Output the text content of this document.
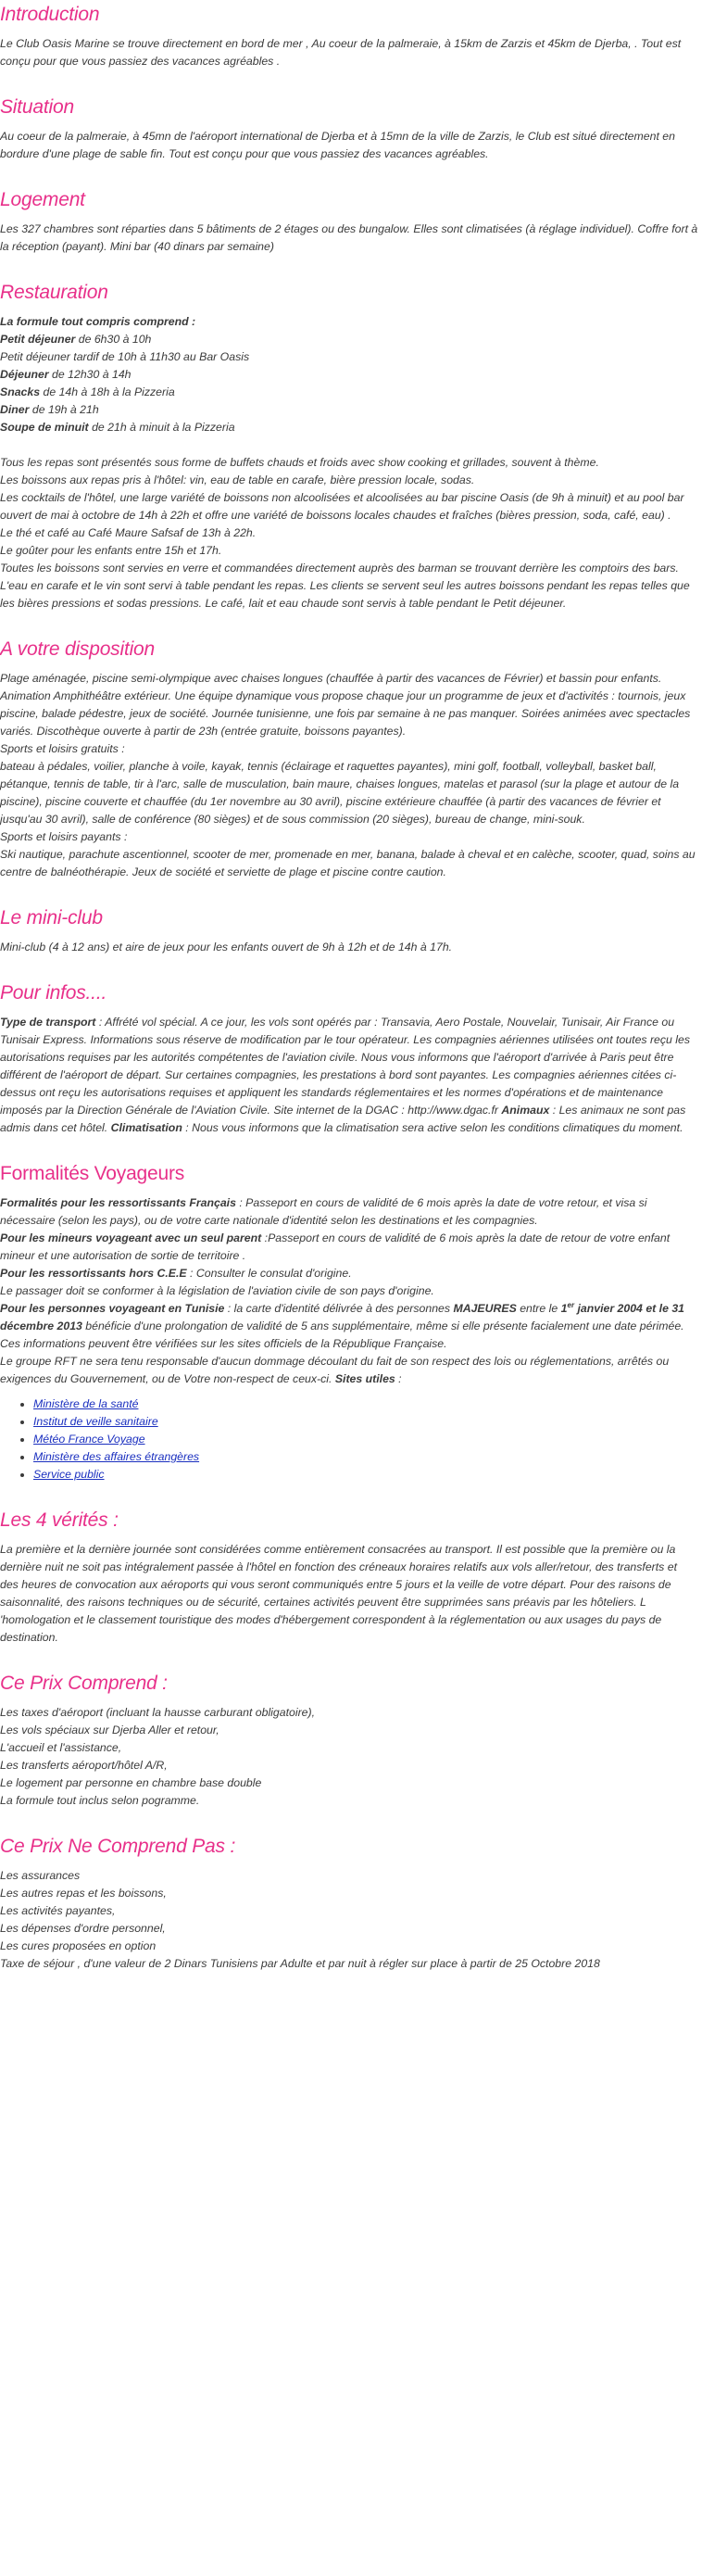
Introduction
Le Club Oasis Marine se trouve directement en bord de mer , Au coeur de la palmeraie, à 15km de Zarzis et 45km de Djerba, . Tout est conçu pour que vous passiez des vacances agréables .
Situation
Au coeur de la palmeraie, à 45mn de l'aéroport international de Djerba et à 15mn de la ville de Zarzis, le Club est situé directement en bordure d'une plage de sable fin. Tout est conçu pour que vous passiez des vacances agréables.
Logement
Les 327 chambres sont réparties dans 5 bâtiments de 2 étages ou des bungalow. Elles sont climatisées (à réglage individuel). Coffre fort à la réception (payant). Mini bar (40 dinars par semaine)
Restauration
La formule tout compris comprend :
Petit déjeuner de 6h30 à 10h
Petit déjeuner tardif de 10h à 11h30 au Bar Oasis
Déjeuner de 12h30 à 14h
Snacks de 14h à 18h à la Pizzeria
Diner de 19h à 21h
Soupe de minuit de 21h à minuit à la Pizzeria
Tous les repas sont présentés sous forme de buffets chauds et froids avec show cooking et grillades, souvent à thème.
Les boissons aux repas pris à l'hôtel: vin, eau de table en carafe, bière pression locale, sodas.
Les cocktails de l'hôtel, une large variété de boissons non alcoolisées et alcoolisées au bar piscine Oasis (de 9h à minuit) et au pool bar ouvert de mai à octobre de 14h à 22h et offre une variété de boissons locales chaudes et fraîches (bières pression, soda, café, eau) .
Le thé et café au Café Maure Safsaf de 13h à 22h.
Le goûter pour les enfants entre 15h et 17h.
Toutes les boissons sont servies en verre et commandées directement auprès des barman se trouvant derrière les comptoirs des bars.
L'eau en carafe et le vin sont servi à table pendant les repas. Les clients se servent seul les autres boissons pendant les repas telles que les bières pressions et sodas pressions. Le café, lait et eau chaude sont servis à table pendant le Petit déjeuner.
A votre disposition
Plage aménagée, piscine semi-olympique avec chaises longues (chauffée à partir des vacances de Février) et bassin pour enfants.
Animation Amphithéâtre extérieur. Une équipe dynamique vous propose chaque jour un programme de jeux et d'activités : tournois, jeux piscine, balade pédestre, jeux de société. Journée tunisienne, une fois par semaine à ne pas manquer. Soirées animées avec spectacles variés. Discothèque ouverte à partir de 23h (entrée gratuite, boissons payantes).
Sports et loisirs gratuits :
bateau à pédales, voilier, planche à voile, kayak, tennis (éclairage et raquettes payantes), mini golf, football, volleyball, basket ball, pétanque, tennis de table, tir à l'arc, salle de musculation, bain maure, chaises longues, matelas et parasol (sur la plage et autour de la piscine), piscine couverte et chauffée (du 1er novembre au 30 avril), piscine extérieure chauffée (à partir des vacances de février et jusqu'au 30 avril), salle de conférence (80 sièges) et de sous commission (20 sièges), bureau de change, mini-souk.
Sports et loisirs payants :
Ski nautique, parachute ascentionnel, scooter de mer, promenade en mer, banana, balade à cheval et en calèche, scooter, quad, soins au centre de balnéothérapie. Jeux de société et serviette de plage et piscine contre caution.
Le mini-club
Mini-club (4 à 12 ans) et aire de jeux pour les enfants ouvert de 9h à 12h et de 14h à 17h.
Pour infos....
Type de transport : Affrété vol spécial. A ce jour, les vols sont opérés par : Transavia, Aero Postale, Nouvelair, Tunisair, Air France ou Tunisair Express. Informations sous réserve de modification par le tour opérateur. Les compagnies aériennes utilisées ont toutes reçu les autorisations requises par les autorités compétentes de l'aviation civile. Nous vous informons que l'aéroport d'arrivée à Paris peut être différent de l'aéroport de départ. Sur certaines compagnies, les prestations à bord sont payantes. Les compagnies aériennes citées ci-dessus ont reçu les autorisations requises et appliquent les standards réglementaires et les normes d'opérations et de maintenance imposés par la Direction Générale de l'Aviation Civile. Site internet de la DGAC : http://www.dgac.fr Animaux : Les animaux ne sont pas admis dans cet hôtel. Climatisation : Nous vous informons que la climatisation sera active selon les conditions climatiques du moment.
Formalités Voyageurs
Formalités pour les ressortissants Français : Passeport en cours de validité de 6 mois après la date de votre retour, et visa si nécessaire (selon les pays), ou de votre carte nationale d'identité selon les destinations et les compagnies.
Pour les mineurs voyageant avec un seul parent :Passeport en cours de validité de 6 mois après la date de retour de votre enfant mineur et une autorisation de sortie de territoire .
Pour les ressortissants hors C.E.E : Consulter le consulat d'origine.
Le passager doit se conformer à la législation de l'aviation civile de son pays d'origine.
Pour les personnes voyageant en Tunisie : la carte d'identité délivrée à des personnes MAJEURES entre le 1er janvier 2004 et le 31 décembre 2013 bénéficie d'une prolongation de validité de 5 ans supplémentaire, même si elle présente facialement une date périmée. Ces informations peuvent être vérifiées sur les sites officiels de la République Française.
Le groupe RFT ne sera tenu responsable d'aucun dommage découlant du fait de son respect des lois ou réglementations, arrêtés ou exigences du Gouvernement, ou de Votre non-respect de ceux-ci. Sites utiles :
• Ministère de la santé
• Institut de veille sanitaire
• Météo France Voyage
• Ministère des affaires étrangères
• Service public
Les 4 vérités :
La première et la dernière journée sont considérées comme entièrement consacrées au transport. Il est possible que la première ou la dernière nuit ne soit pas intégralement passée à l'hôtel en fonction des créneaux horaires relatifs aux vols aller/retour, des transferts et des heures de convocation aux aéroports qui vous seront communiqués entre 5 jours et la veille de votre départ. Pour des raisons de saisonnalité, des raisons techniques ou de sécurité, certaines activités peuvent être supprimées sans préavis par les hôteliers. L 'homologation et le classement touristique des modes d'hébergement correspondent à la réglementation ou aux usages du pays de destination.
Ce Prix Comprend :
Les taxes d'aéroport (incluant la hausse carburant obligatoire),
Les vols spéciaux sur Djerba Aller et retour,
L'accueil et l'assistance,
Les transferts aéroport/hôtel A/R,
Le logement par personne en chambre base double
La formule tout inclus selon pogramme.
Ce Prix Ne Comprend Pas :
Les assurances
Les autres repas et les boissons,
Les activités payantes,
Les dépenses d'ordre personnel,
Les cures proposées en option
Taxe de séjour , d'une valeur de 2 Dinars Tunisiens par Adulte et par nuit à régler sur place à partir de 25 Octobre 2018
